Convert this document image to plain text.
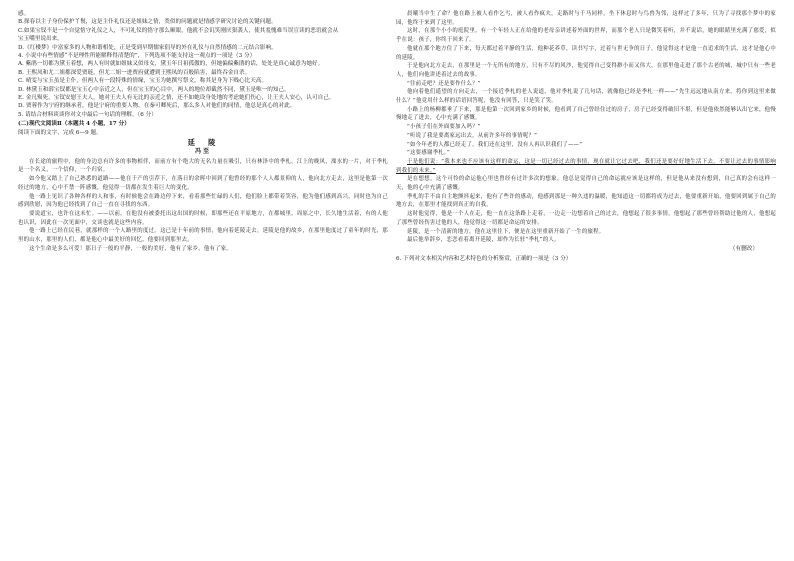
感。
B.探春以主子身份保护丫鬟，这是主仆礼仪还是姐妹之情，类似的问题就是情感学研究讨论的关键问题。
C.如果宝钗不是一个自觉恪守礼仪之人，不可礼仪的恪守那么顺眼，他就不会讥笑刚厌狠袭人，使其羞愧难当误宣读的恶语就会从
宝玉嘴里说出来。
D.《红楼梦》中富家多的人物和谐相处，正是受到早期儒家倡导的外在礼仪与自然情感的二元结合影响。
4. 小说中有些情感“不是理性所能解释得清楚的”，下列选项不能支持这一观点的一项是（3 分）
A. 紫鹃一切都为黛玉着想，两人有时就如姐妹又似母女，黛玉年日祖孤傲的，但她偏偏紫鹃的话，处处是真心诚意为她好。
B. 王熙凤和尤二姐都深爱贾琏，但尤二姐一进贾府就遭到王熙凤的百般陷害，最终吞金自杀。
C. 晴雯与宝玉虽是主仆，但两人有一段特殊的情缘，宝玉为她撰写祭文，称其是身为下贱心比天高。
D. 林黛玉和薛宝钗都是宝玉心中亲近之人，但在宝玉的心目中，两人的地位却截然不同，黛玉是唯一的知己。
E. 金凡殒死，宝钗安慰王夫人，她对王夫人有无比的亲近之情，还不如她设身处地的考虑她们伤心，让王夫人安心，认可自己。
D. 贾蓉作为宁府的继承者，他是宁府的重要人物，在秦可卿死后，那么多人对他们的同情，他总是真心的对此。
5. 请结合材料谈谈你对文中最后一句话的理解。（6 分）
(二)现代文阅读Ⅱ（本题共 4 小题，17 分）
阅读下面的文字，完成 6—9 题。
延　陵
冯至
在长途的旅程中，他的身边总有许多的事物相伴，而前方有个绝大的无名力量在吸引，只有林泽中的季札，江上的晚风，溧水的一片，对于季札是一个名义，一个信仰，一个归宿。
如今他又踏上了自己熟悉的道路——他在于产的引荐下，在落日的余晖中回到了他曾经的那个人人都景仰的人，他向北方走去，这里是他第一次经过的地方，心中不禁一阵感慨，他觉得一切都在发生着巨大的变化。
他一路上见识了各种各样的人和事，有时候他会在路边停下来，看着那些忙碌的人们，他们脸上都带着笑容，他为他们感到高兴，同时也为自己感到欣慰，因为他已经找到了自己一直在寻找的东西。
要说道宝，也许在这未忙。——以前，在他没有被委托出这出国的时候，即那些还在平原地方，在都城里，周原之中，长久地生活着，有的人他也认识，因此在一次见面中，交谈也就是这些内容。
他一路上已经在民巷，就那样的一个人路里的度过。这已是十年前的事情，他向着延陵走去，延陵是他的故乡，在那里他度过了童年的时光，那里的山水，那里的人们，都是他心中最美好的回忆，他要回到那里去。
这个生命是多么可爱！那日子一般的平静，一般的美好，他有了家乡，他有了家。
晨曦当中生了命？他在路上被人看作乞丐，被人看作疯夫，走路时与千马同样，坐下休息时与鸟兽为邻，这样过了多年，只为了寻找那个梦中的家园，他终于来到了这里。
这时，在那个小小的庭院里，有一个年轻人正在给他的老母亲讲述着外面的世界，而那个老人只是微笑着听，并不说话，她的眼睛里充满了慈爱，似乎在说：孩子，你终于回来了。
他就在那个地方住了下来，每天都过着平静的生活，他种花养草，读书写字，过着与世无争的日子，他觉得这才是他一直追求的生活，这才是他心中的延陵。
于是他向北方走去，在那里是一个无所有的地方，只有不尽的风沙，他觉得自己变得渺小而又伟大，在那里他走进了那个古老的城，城中只有一些老人，他们向他讲述着过去的故事。
“往前走吧？还是要作什么？”
他向着他们遥望的方向走去，一个接近季札的老人说道，他对季札说了几句话，就像他已经是季札一样——“先生远远地从南方来，将你到这里来做什么？”他竟用什么样的话语回答呢，他没有回答，只是笑了笑。
小路上的杨柳都垂了下来，那是他第一次回到家乡的时候，他看到了自己曾经住过的房子，房子已经变得破旧不堪，但是他依然能够认出它来，他慢慢地走了进去，心中充满了感慨。
“小孩子们在外面要加入吗？”
“听说了我是要离家远出去，从前许多年的事情呢？”
“如今年老的人都已经走了，我们还在这里，没有人再认识我们了——”
“这要感谢季札。”
于是他们说：“我本来也不应该有这样的命运，这是一切已经过去的事情，现在就让它过去吧，我们还是要好好地生活下去，不要让过去的事情影响到我们的未来。”
是在想想，这个可怜的命运他心里也曾经有过许多次的想象，他总是觉得自己的命运就应该是这样的，但是他从来没有想到，自己真的会有这样一天，他的心中充满了感慨。
季札的手不由自主地颤抖起来，他有了些许的感动，他感到那是一种久违的温暖，他知道这一切都将成为过去，他要重新开始，他要回到属于自己的地方去，在那里才能找到真正的自我。
这时他觉得，他是一个人在走，他一直在这条路上走着，一边走一边想着自己的过去，他想起了很多事情，他想起了那些曾经帮助过他的人，他想起了那些曾经伤害过他的人，他觉得这一切都是命运的安排。
延陵，是一个清新的地方，他在这里住下，便是在这里重新开始了一生的旅程。
最后他举辞乡，恋恋看着离开延陵，却作为长驻“季札”的人。
（有删改）
6. 下列对文本相关内容和艺术特色的分析鉴赏，正确的一项是（3 分）
